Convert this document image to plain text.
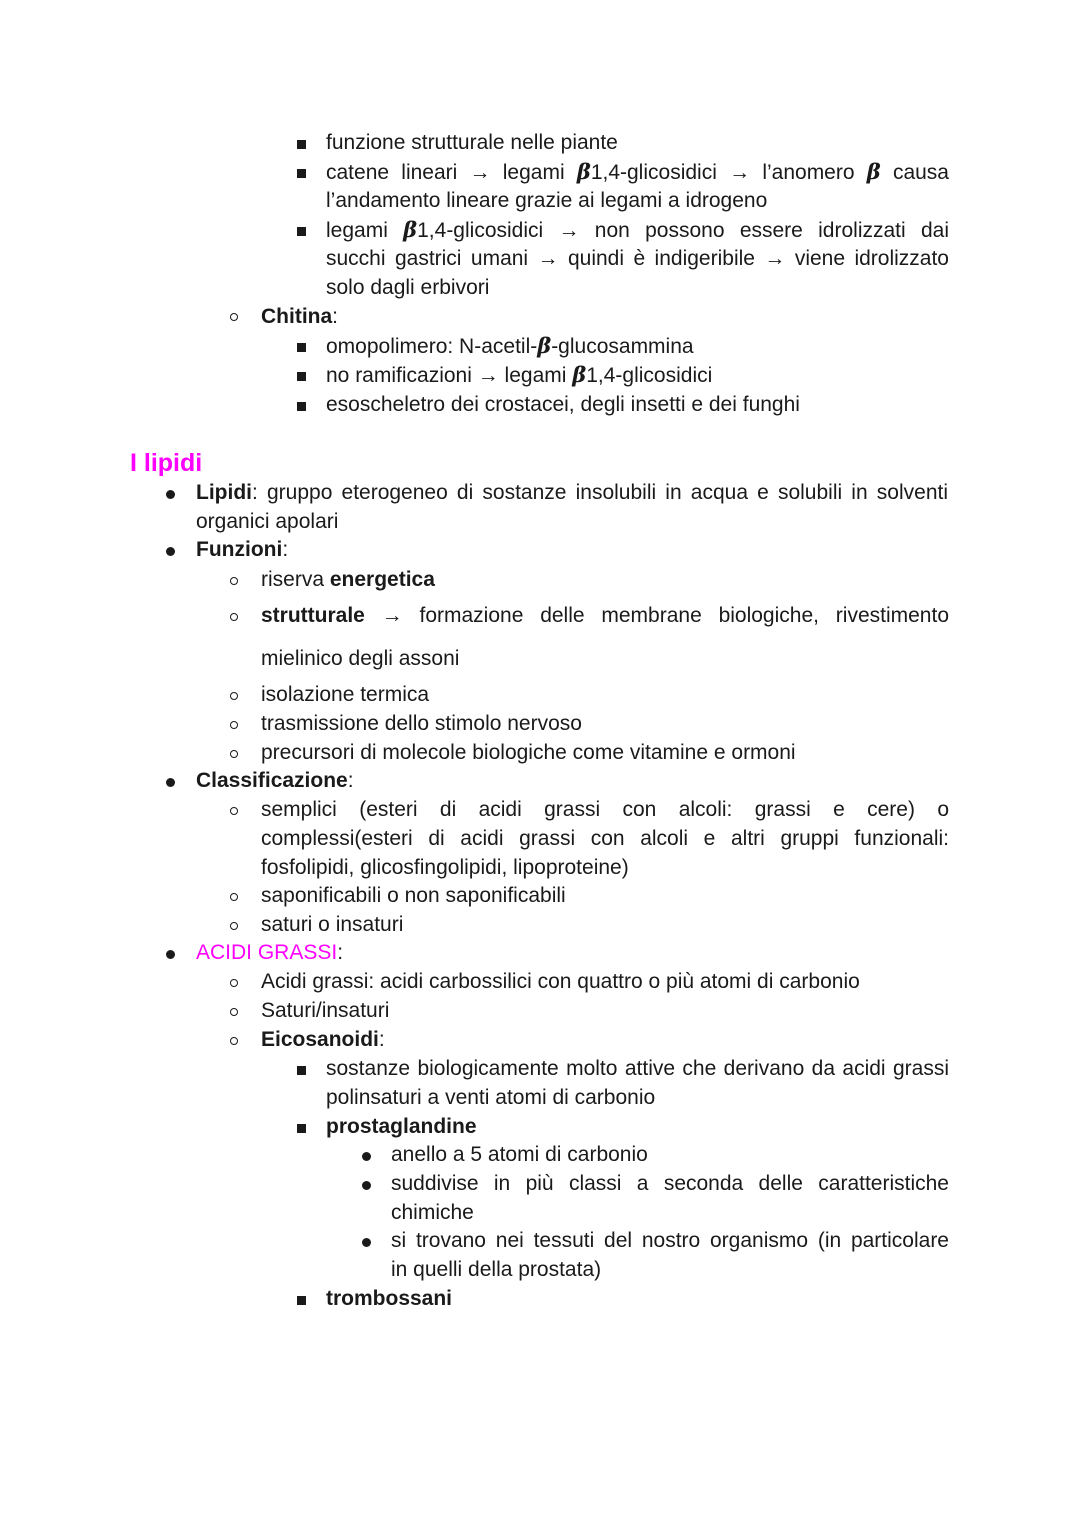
funzione strutturale nelle piante
catene lineari → legami β1,4-glicosidici → l’anomero β causa
l’andamento lineare grazie ai legami a idrogeno
legami β1,4-glicosidici → non possono essere idrolizzati dai
succhi gastrici umani → quindi è indigeribile → viene idrolizzato
solo dagli erbivori
Chitina:
omopolimero: N-acetil-β-glucosammina
no ramificazioni → legami β1,4-glicosidici
esoscheletro dei crostacei, degli insetti e dei funghi
I lipidi
Lipidi: gruppo eterogeneo di sostanze insolubili in acqua e solubili in solventi
organici apolari
Funzioni:
riserva energetica
strutturale → formazione delle membrane biologiche, rivestimento
mielinico degli assoni
isolazione termica
trasmissione dello stimolo nervoso
precursori di molecole biologiche come vitamine e ormoni
Classificazione:
semplici (esteri di acidi grassi con alcoli: grassi e cere) o
complessi(esteri di acidi grassi con alcoli e altri gruppi funzionali:
fosfolipidi, glicosfingolipidi, lipoproteine)
saponificabili o non saponificabili
saturi o insaturi
ACIDI GRASSI:
Acidi grassi: acidi carbossilici con quattro o più atomi di carbonio
Saturi/insaturi
Eicosanoidi:
sostanze biologicamente molto attive che derivano da acidi grassi
polinsaturi a venti atomi di carbonio
prostaglandine
anello a 5 atomi di carbonio
suddivise in più classi a seconda delle caratteristiche
chimiche
si trovano nei tessuti del nostro organismo (in particolare
in quelli della prostata)
trombossani
